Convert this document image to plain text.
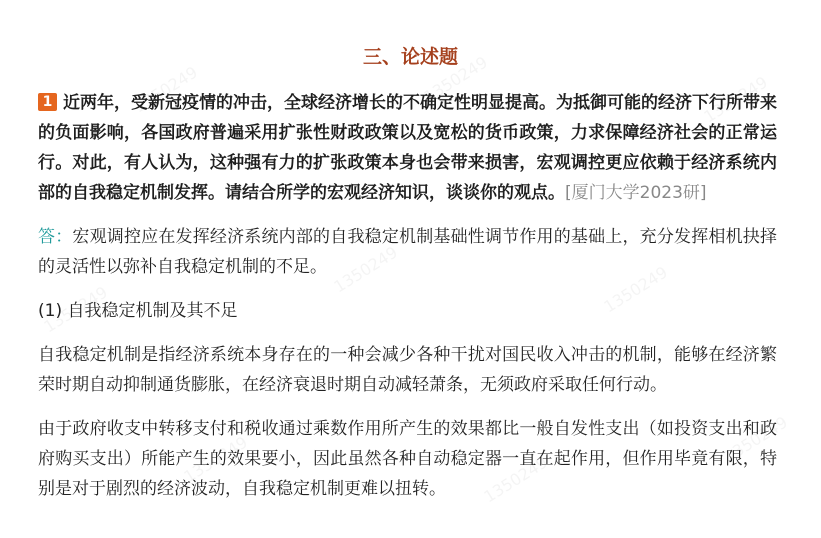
三、论述题
1 近两年，受新冠疫情的冲击，全球经济增长的不确定性明显提高。为抵御可能的经济下行所带来的负面影响，各国政府普遍采用扩张性财政政策以及宽松的货币政策，力求保障经济社会的正常运行。对此，有人认为，这种强有力的扩张政策本身也会带来损害，宏观调控更应依赖于经济系统内部的自我稳定机制发挥。请结合所学的宏观经济知识，谈谈你的观点。[厦门大学2023研]
答：宏观调控应在发挥经济系统内部的自我稳定机制基础性调节作用的基础上，充分发挥相机抉择的灵活性以弥补自我稳定机制的不足。
(1) 自我稳定机制及其不足
自我稳定机制是指经济系统本身存在的一种会减少各种干扰对国民收入冲击的机制，能够在经济繁荣时期自动抑制通货膨胀，在经济衰退时期自动减轻萧条，无须政府采取任何行动。
由于政府收支中转移支付和税收通过乘数作用所产生的效果都比一般自发性支出（如投资支出和政府购买支出）所能产生的效果要小，因此虽然各种自动稳定器一直在起作用，但作用毕竟有限，特别是对于剧烈的经济波动，自我稳定机制更难以扭转。
